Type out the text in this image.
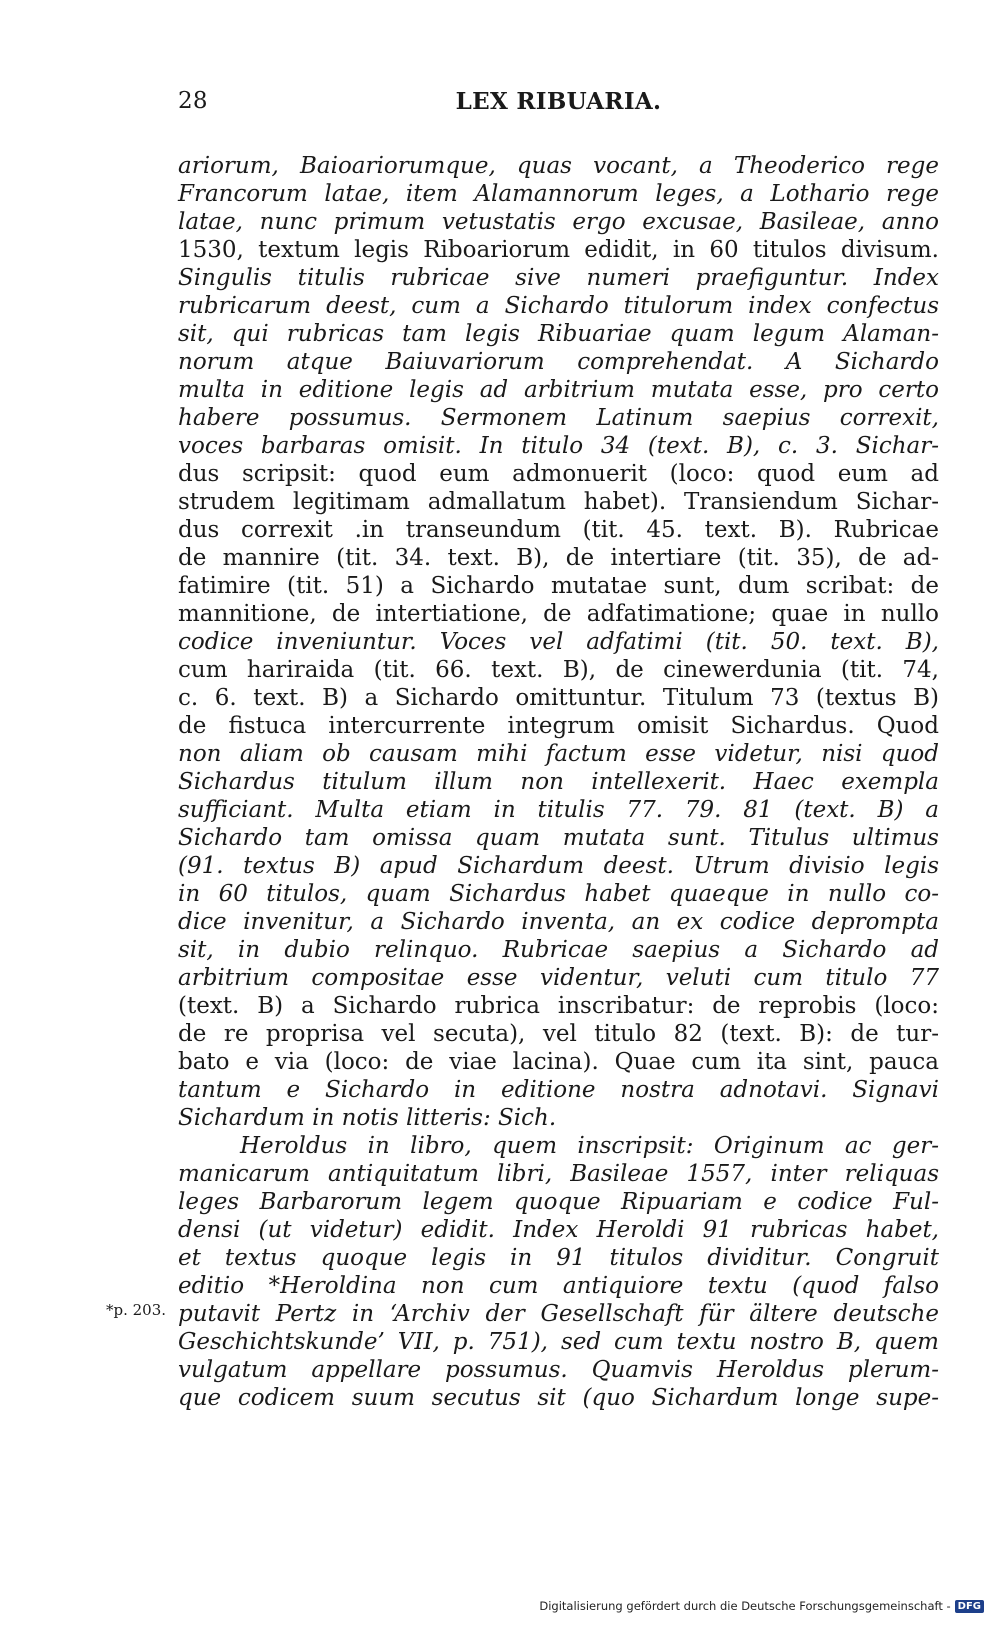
28	LEX RIBUARIA.
*p. 203.
ariorum, Baioariorumque, quas vocant, a Theoderico rege
Francorum latae, item Alamannorum leges, a Lothario rege
latae, nunc primum vetustatis ergo excusae, Basileae, anno
1530, textum legis Riboariorum edidit, in 60 titulos divisum.
Singulis titulis rubricae sive numeri praefiguntur. Index
rubricarum deest, cum a Sichardo titulorum index confectus
sit, qui rubricas tam legis Ribuariae quam legum Alaman-
norum atque Baiuvariorum comprehendat. A Sichardo
multa in editione legis ad arbitrium mutata esse, pro certo
habere possumus. Sermonem Latinum saepius correxit,
voces barbaras omisit. In titulo 34 (text. B), c. 3. Sichar-
dus scripsit: quod eum admonuerit (loco: quod eum ad
strudem legitimam admallatum habet). Transiendum Sichar-
dus correxit .in transeundum (tit. 45. text. B). Rubricae
de mannire (tit. 34. text. B), de intertiare (tit. 35), de ad-
fatimire (tit. 51) a Sichardo mutatae sunt, dum scribat: de
mannitione, de intertiatione, de adfatimatione; quae in nullo
codice inveniuntur. Voces vel adfatimi (tit. 50. text. B),
cum hariraida (tit. 66. text. B), de cinewerdunia (tit. 74,
c. 6. text. B) a Sichardo omittuntur. Titulum 73 (textus B)
de fistuca intercurrente integrum omisit Sichardus. Quod
non aliam ob causam mihi factum esse videtur, nisi quod
Sichardus titulum illum non intellexerit. Haec exempla
sufficiant. Multa etiam in titulis 77. 79. 81 (text. B) a
Sichardo tam omissa quam mutata sunt. Titulus ultimus
(91. textus B) apud Sichardum deest. Utrum divisio legis
in 60 titulos, quam Sichardus habet quaeque in nullo co-
dice invenitur, a Sichardo inventa, an ex codice deprompta
sit, in dubio relinquo. Rubricae saepius a Sichardo ad
arbitrium compositae esse videntur, veluti cum titulo 77
(text. B) a Sichardo rubrica inscribatur: de reprobis (loco:
de re proprisa vel secuta), vel titulo 82 (text. B): de tur-
bato e via (loco: de viae lacina). Quae cum ita sint, pauca
tantum e Sichardo in editione nostra adnotavi. Signavi
Sichardum in notis litteris: Sich.
Heroldus in libro, quem inscripsit: Originum ac ger-
manicarum antiquitatum libri, Basileae 1557, inter reliquas
leges Barbarorum legem quoque Ripuariam e codice Ful-
densi (ut videtur) edidit. Index Heroldi 91 rubricas habet,
et textus quoque legis in 91 titulos dividitur. Congruit
editio *Heroldina non cum antiquiore textu (quod falso
putavit Pertz in ‘Archiv der Gesellschaft für ältere deutsche
Geschichtskunde’ VII, p. 751), sed cum textu nostro B, quem
vulgatum appellare possumus. Quamvis Heroldus plerum-
que codicem suum secutus sit (quo Sichardum longe supe-
Digitalisierung gefördert durch die Deutsche Forschungsgemeinschaft - DFG
